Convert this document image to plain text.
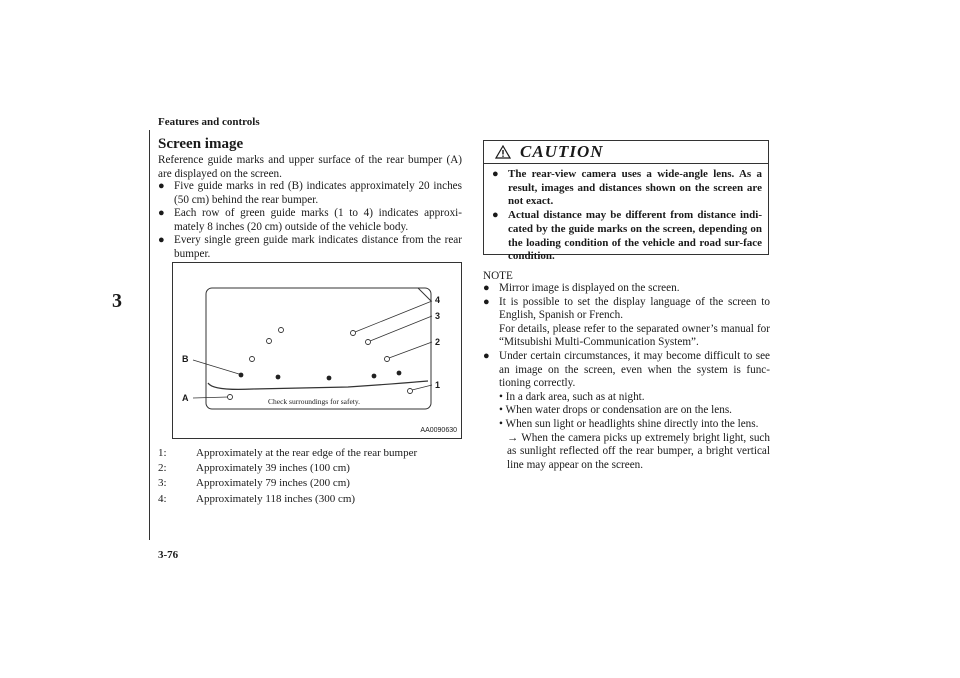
Features and controls
3
3-76
Screen image
Reference guide marks and upper surface of the rear bumper (A) are displayed on the screen.

● Five guide marks in red (B) indicates approximately 20 inches (50 cm) behind the rear bumper.

● Each row of green guide marks (1 to 4) indicates approxi-mately 8 inches (20 cm) outside of the vehicle body.

● Every single green guide mark indicates distance from the rear bumper.

B
A
4
3
2
1
Check surroundings for safety.
AA0090630
1:	Approximately at the rear edge of the rear bumper
2:	Approximately 39 inches (100 cm)
3:	Approximately 79 inches (200 cm)
4:	Approximately 118 inches (300 cm)
CAUTION

● The rear-view camera uses a wide-angle lens. As a result, images and distances shown on the screen are not exact.

● Actual distance may be different from distance indi-cated by the guide marks on the screen, depending on the loading condition of the vehicle and road sur-face condition.

NOTE

● Mirror image is displayed on the screen.

● It is possible to set the display language of the screen to English, Spanish or French.
For details, please refer to the separated owner’s manual for “Mitsubishi Multi-Communication System”.

● Under certain circumstances, it may become difficult to see an image on the screen, even when the system is func-tioning correctly.
• In a dark area, such as at night.
• When water drops or condensation are on the lens.
• When sun light or headlights shine directly into the lens.
→ When the camera picks up extremely bright light, such as sunlight reflected off the rear bumper, a bright vertical line may appear on the screen.
